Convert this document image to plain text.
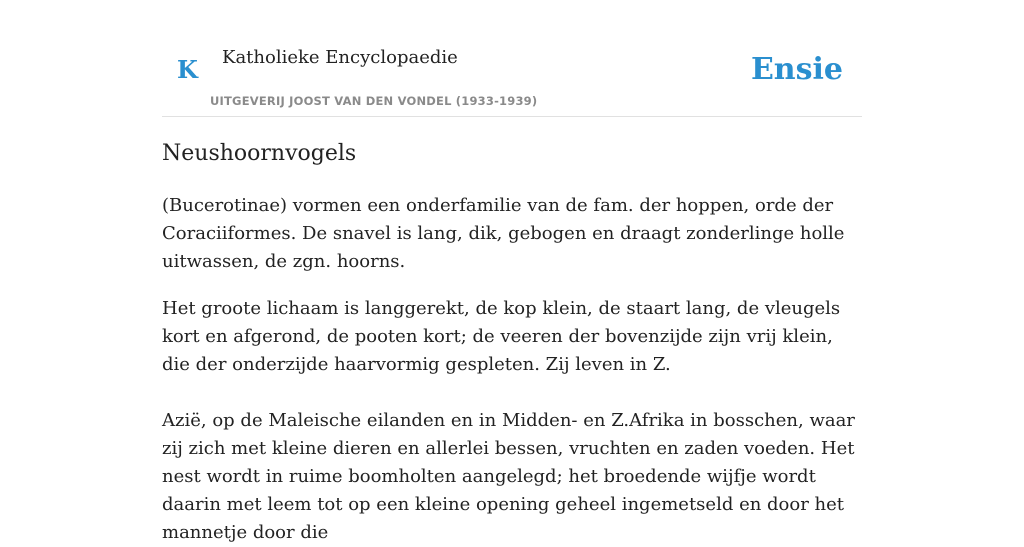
K Katholieke Encyclopaedie
UITGEVERIJ JOOST VAN DEN VONDEL (1933-1939)
Ensie
Neushoornvogels

(Bucerotinae) vormen een onderfamilie van de fam. der hoppen, orde der Coraciiformes. De snavel is lang, dik, gebogen en draagt zonderlinge holle uitwassen, de zgn. hoorns.

Het groote lichaam is langgerekt, de kop klein, de staart lang, de vleugels kort en afgerond, de pooten kort; de veeren der bovenzijde zijn vrij klein, die der onderzijde haarvormig gespleten. Zij leven in Z.

Azië, op de Maleische eilanden en in Midden- en Z.Afrika in bosschen, waar zij zich met kleine dieren en allerlei bessen, vruchten en zaden voeden. Het nest wordt in ruime boomholten aangelegd; het broedende wijfje wordt daarin met leem tot op een kleine opening geheel ingemetseld en door het mannetje door die
